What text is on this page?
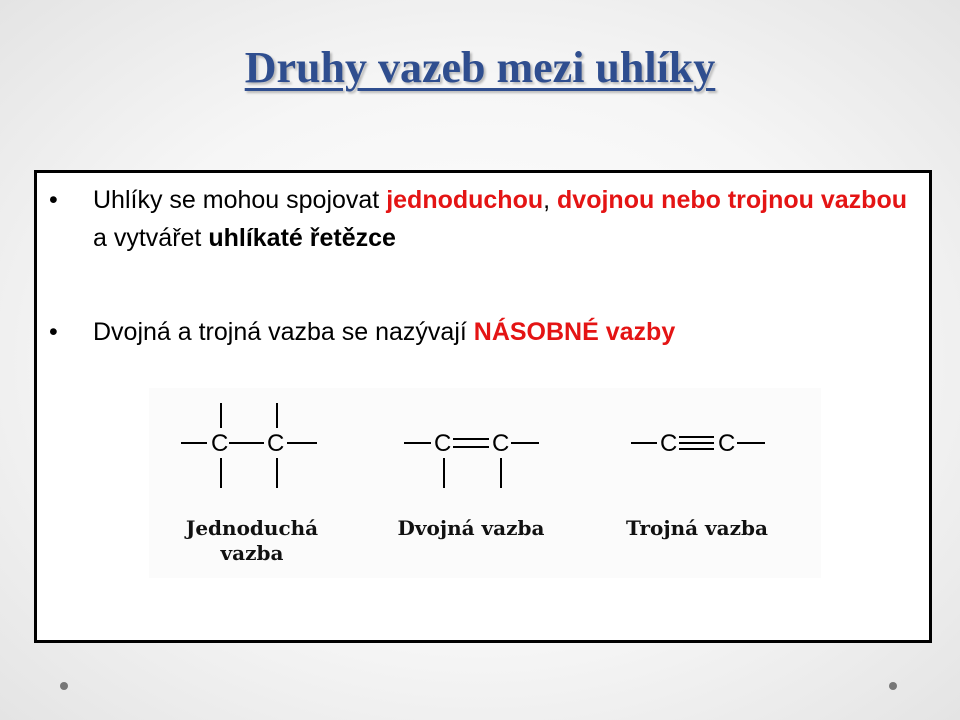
Druhy vazeb mezi uhlíky
•	Uhlíky se mohou spojovat jednoduchou, dvojnou nebo trojnou vazbou a vytvářet uhlíkaté řetězce
•	Dvojná a trojná vazba se nazývají NÁSOBNÉ vazby
C C	C C	C C
Jednoduchá
vazba
Dvojná vazba	Trojná vazba
